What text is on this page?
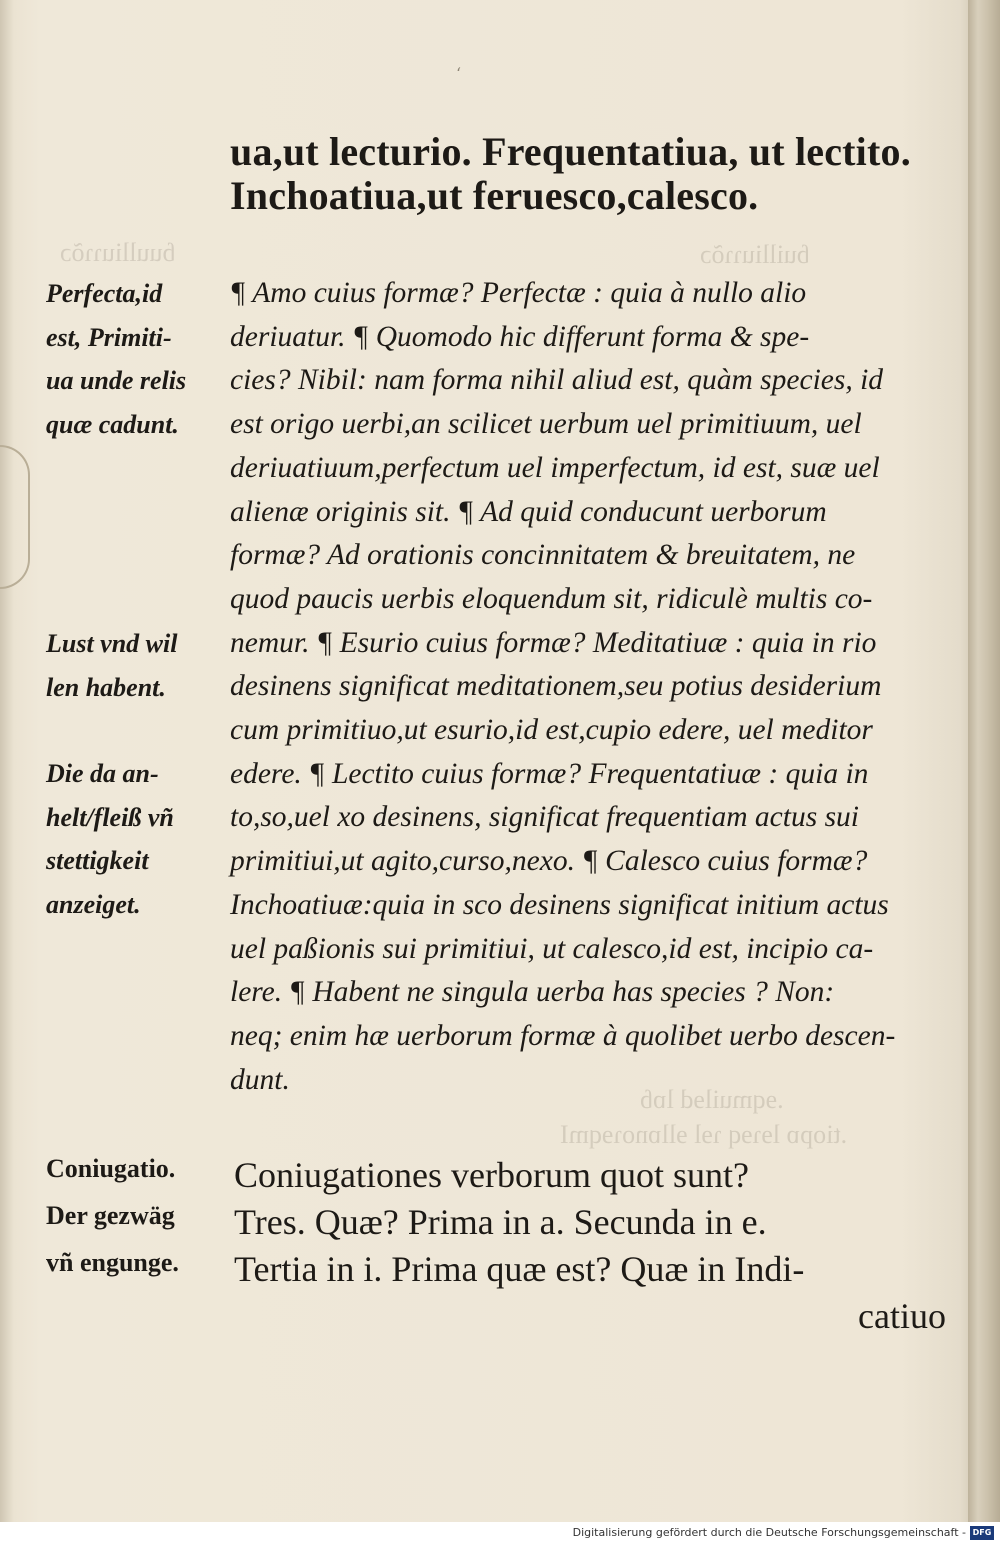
ɓuulliuɿɿõɔ	ɓuilliuɿɿõɔ
.ɘqmuilɘd lɒɓ
.tiopɒ lɘɿɘq ɿɘl ɘllɒnoɿɘqmI
ʻ
ua,ut lecturio. Frequentatiua, ut lectito.
Inchoatiua,ut feruesco,calesco.
Perfecta,id
est, Primiti-
ua unde relis
quæ cadunt.
Lust vnd wil
len habent.
Die da an-
helt/fleiß vñ
stettigkeit
anzeiget.
Coniugatio.
Der gezwäg
vñ engunge.
¶ Amo cuius formæ? Perfectæ : quia à nullo alio
deriuatur. ¶ Quomodo hic differunt forma & spe-
cies? Nibil: nam forma nihil aliud est, quàm species, id
est origo uerbi,an scilicet uerbum uel primitiuum, uel
deriuatiuum,perfectum uel imperfectum, id est, suæ uel
alienæ originis sit. ¶ Ad quid conducunt uerborum
formæ? Ad orationis concinnitatem & breuitatem, ne
quod paucis uerbis eloquendum sit, ridiculè multis co-
nemur. ¶ Esurio cuius formæ? Meditatiuæ : quia in rio
desinens significat meditationem,seu potius desiderium
cum primitiuo,ut esurio,id est,cupio edere, uel meditor
edere. ¶ Lectito cuius formæ? Frequentatiuæ : quia in
to,so,uel xo desinens, significat frequentiam actus sui
primitiui,ut agito,curso,nexo. ¶ Calesco cuius formæ?
Inchoatiuæ:quia in sco desinens significat initium actus
uel paßionis sui primitiui, ut calesco,id est, incipio ca-
lere. ¶ Habent ne singula uerba has species ? Non:
neq; enim hæ uerborum formæ à quolibet uerbo descen-
dunt.
Coniugationes verborum quot sunt?
Tres. Quæ? Prima in a. Secunda in e.
Tertia in i. Prima quæ est? Quæ in Indi-
catiuo
Digitalisierung gefördert durch die Deutsche Forschungsgemeinschaft - DFG
